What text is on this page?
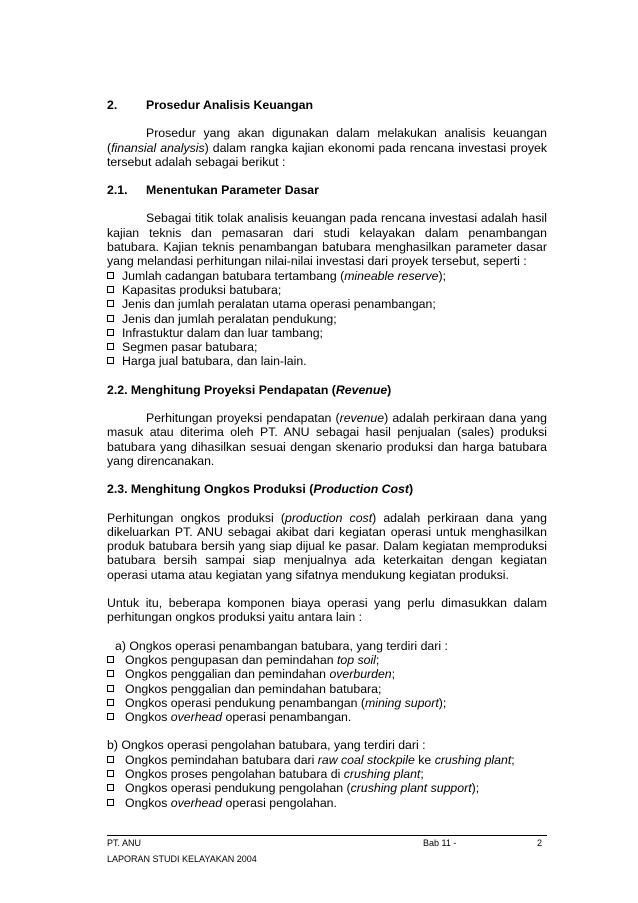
2.	Prosedur Analisis Keuangan

Prosedur yang akan digunakan dalam melakukan analisis keuangan (finansial analysis) dalam rangka kajian ekonomi pada rencana investasi proyek tersebut adalah sebagai berikut :

2.1.	Menentukan Parameter Dasar

Sebagai titik tolak analisis keuangan pada rencana investasi adalah hasil kajian teknis dan pemasaran dari studi kelayakan dalam penambangan batubara. Kajian teknis penambangan batubara menghasilkan parameter dasar yang melandasi perhitungan nilai-nilai investasi dari proyek tersebut, seperti :

Jumlah cadangan batubara tertambang (mineable reserve);
Kapasitas produksi batubara;
Jenis dan jumlah peralatan utama operasi penambangan;
Jenis dan jumlah peralatan pendukung;
Infrastuktur dalam dan luar tambang;
Segmen pasar batubara;
Harga jual batubara, dan lain-lain.
2.2. Menghitung Proyeksi Pendapatan (Revenue)

Perhitungan proyeksi pendapatan (revenue) adalah perkiraan dana yang masuk atau diterima oleh PT. ANU sebagai hasil penjualan (sales) produksi batubara yang dihasilkan sesuai dengan skenario produksi dan harga batubara yang direncanakan.

2.3. Menghitung Ongkos Produksi (Production Cost)

Perhitungan ongkos produksi (production cost) adalah perkiraan dana yang dikeluarkan PT. ANU sebagai akibat dari kegiatan operasi untuk menghasilkan produk batubara bersih yang siap dijual ke pasar. Dalam kegiatan memproduksi batubara bersih sampai siap menjualnya ada keterkaitan dengan kegiatan operasi utama atau kegiatan yang sifatnya mendukung kegiatan produksi.

Untuk itu, beberapa komponen biaya operasi yang perlu dimasukkan dalam perhitungan ongkos produksi yaitu antara lain :

a) Ongkos operasi penambangan batubara, yang terdiri dari :
Ongkos pengupasan dan pemindahan top soil;
Ongkos penggalian dan pemindahan overburden;
Ongkos penggalian dan pemindahan batubara;
Ongkos operasi pendukung penambangan (mining suport);
Ongkos overhead operasi penambangan.
b) Ongkos operasi pengolahan batubara, yang terdiri dari :

Ongkos pemindahan batubara dari raw coal stockpile ke crushing plant;

Ongkos proses pengolahan batubara di crushing plant;
Ongkos operasi pendukung pengolahan (crushing plant support);
Ongkos overhead operasi pengolahan.
PT. ANU	Bab 11 -	2
LAPORAN STUDI KELAYAKAN 2004
